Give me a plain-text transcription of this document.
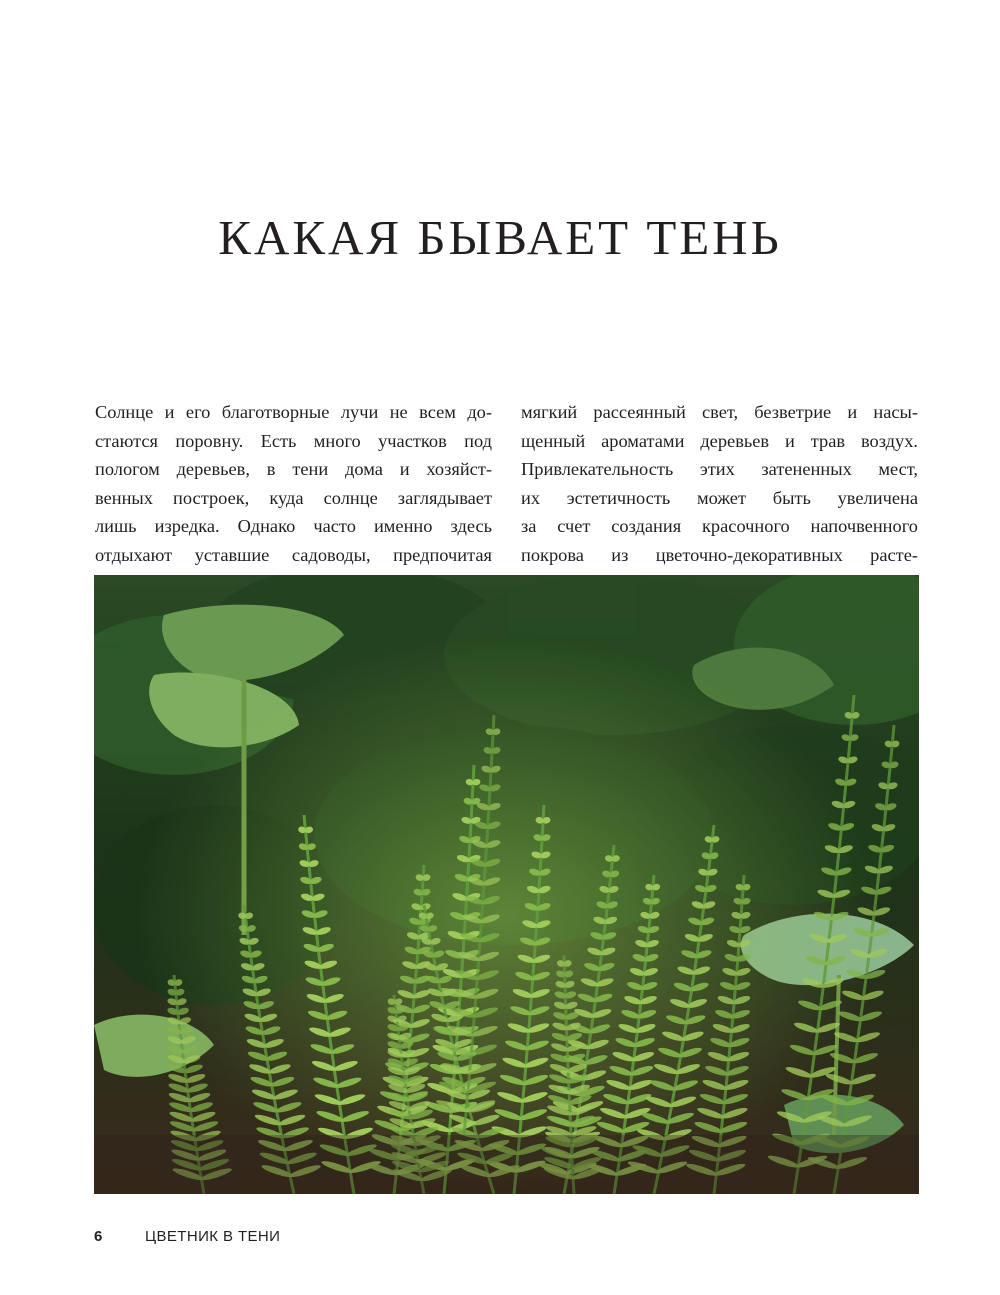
КАКАЯ БЫВАЕТ ТЕНЬ
Солнце и его благотворные лучи не всем до-
стаются поровну. Есть много участков под
пологом деревьев, в тени дома и хозяйст-
венных построек, куда солнце заглядывает
лишь изредка. Однако часто именно здесь
отдыхают уставшие садоводы, предпочитая
мягкий рассеянный свет, безветрие и насы-
щенный ароматами деревьев и трав воздух.
Привлекательность этих затененных мест,
их эстетичность может быть увеличена
за счет создания красочного напочвенного
покрова из цветочно-декоративных расте-
6	ЦВЕТНИК В ТЕНИ
